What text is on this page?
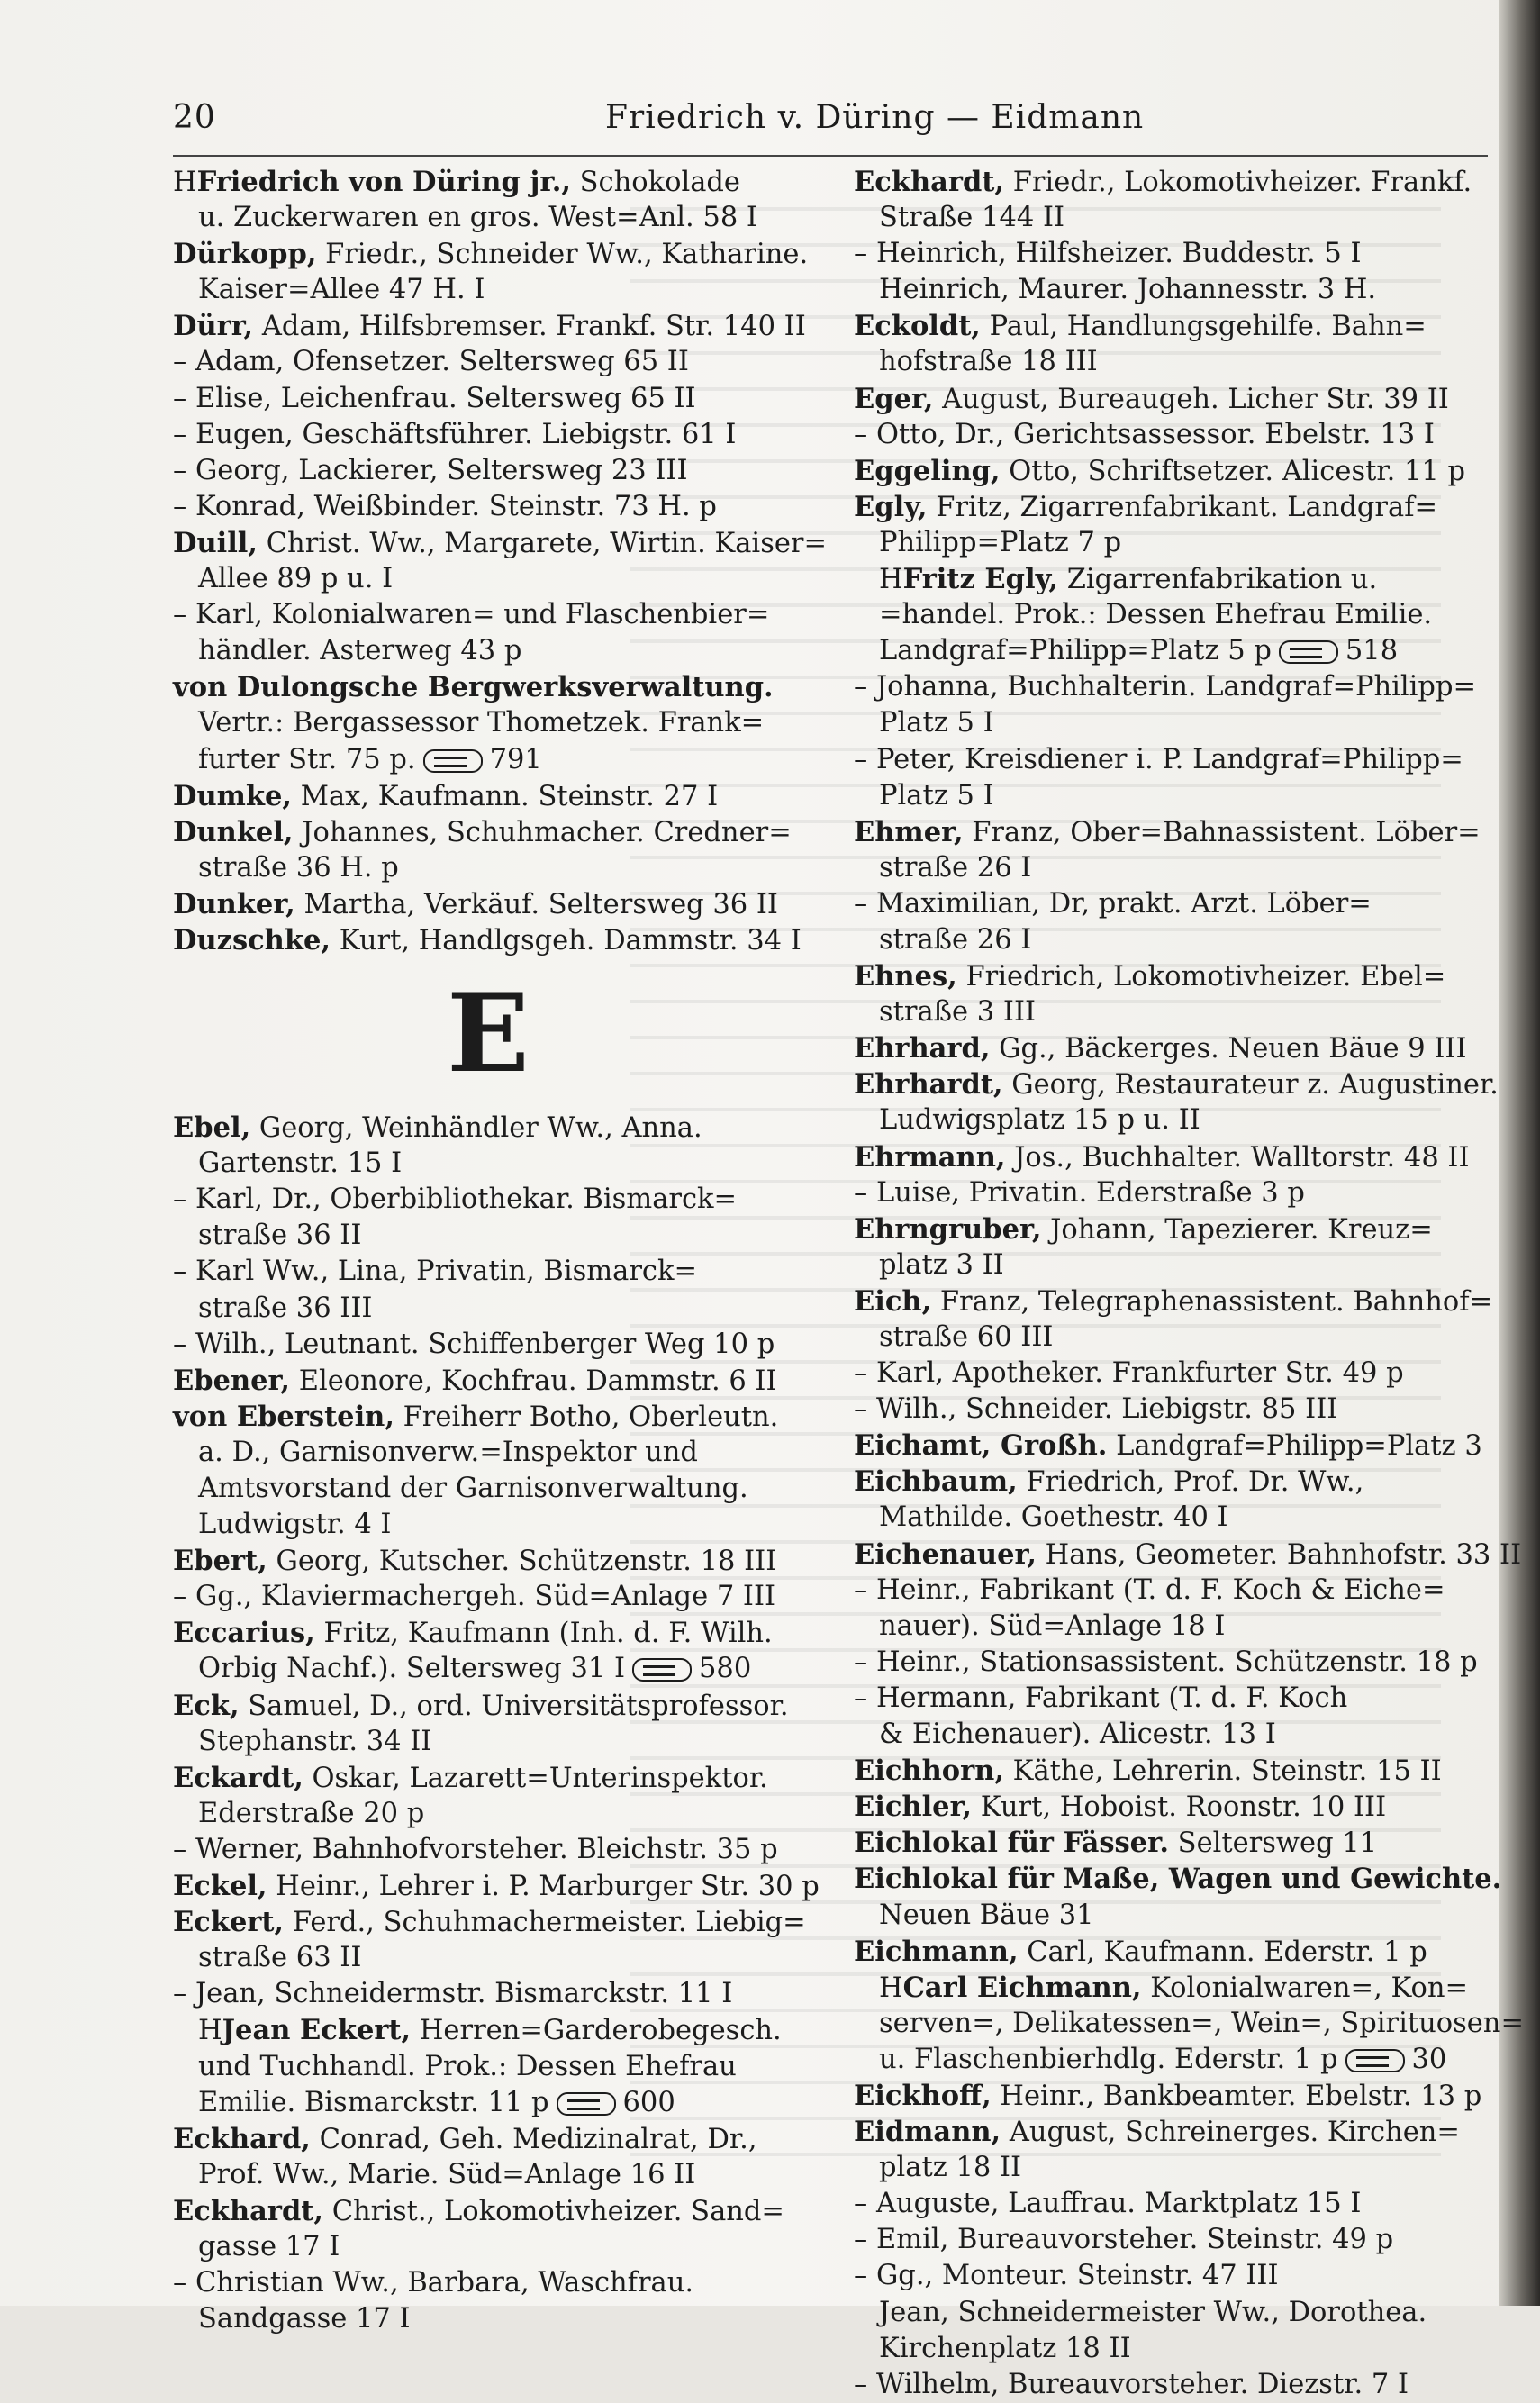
20	Friedrich v. Düring — Eidmann
HFriedrich von Düring jr., Schokolade
u. Zuckerwaren en gros. West=Anl. 58 I
Dürkopp, Friedr., Schneider Ww., Katharine.
Kaiser=Allee 47 H. I
Dürr, Adam, Hilfsbremser. Frankf. Str. 140 II
– Adam, Ofensetzer. Seltersweg 65 II
– Elise, Leichenfrau. Seltersweg 65 II
– Eugen, Geschäftsführer. Liebigstr. 61 I
– Georg, Lackierer, Seltersweg 23 III
– Konrad, Weißbinder. Steinstr. 73 H. p
Duill, Christ. Ww., Margarete, Wirtin. Kaiser=
Allee 89 p u. I
– Karl, Kolonialwaren= und Flaschenbier=
händler. Asterweg 43 p
von Dulongsche Bergwerksverwaltung.
Vertr.: Bergassessor Thometzek. Frank=
furter Str. 75 p.	791
Dumke, Max, Kaufmann. Steinstr. 27 I
Dunkel, Johannes, Schuhmacher. Credner=
straße 36 H. p
Dunker, Martha, Verkäuf. Seltersweg 36 II
Duzschke, Kurt, Handlgsgeh. Dammstr. 34 I
E
Ebel, Georg, Weinhändler Ww., Anna.
Gartenstr. 15 I
– Karl, Dr., Oberbibliothekar. Bismarck=
straße 36 II
– Karl Ww., Lina, Privatin, Bismarck=
straße 36 III
– Wilh., Leutnant. Schiffenberger Weg 10 p
Ebener, Eleonore, Kochfrau. Dammstr. 6 II
von Eberstein, Freiherr Botho, Oberleutn.
a. D., Garnisonverw.=Inspektor und
Amtsvorstand der Garnisonverwaltung.
Ludwigstr. 4 I
Ebert, Georg, Kutscher. Schützenstr. 18 III
– Gg., Klaviermachergeh. Süd=Anlage 7 III
Eccarius, Fritz, Kaufmann (Inh. d. F. Wilh.
Orbig Nachf.). Seltersweg 31 I	580
Eck, Samuel, D., ord. Universitätsprofessor.
Stephanstr. 34 II
Eckardt, Oskar, Lazarett=Unterinspektor.
Ederstraße 20 p
– Werner, Bahnhofvorsteher. Bleichstr. 35 p
Eckel, Heinr., Lehrer i. P. Marburger Str. 30 p
Eckert, Ferd., Schuhmachermeister. Liebig=
straße 63 II
– Jean, Schneidermstr. Bismarckstr. 11 I
HJean Eckert, Herren=Garderobegesch.
und Tuchhandl. Prok.: Dessen Ehefrau
Emilie. Bismarckstr. 11 p	600
Eckhard, Conrad, Geh. Medizinalrat, Dr.,
Prof. Ww., Marie. Süd=Anlage 16 II
Eckhardt, Christ., Lokomotivheizer. Sand=
gasse 17 I
– Christian Ww., Barbara, Waschfrau.
Sandgasse 17 I
Eckhardt, Friedr., Lokomotivheizer. Frankf.
Straße 144 II
– Heinrich, Hilfsheizer. Buddestr. 5 I
Heinrich, Maurer. Johannesstr. 3 H.
Eckoldt, Paul, Handlungsgehilfe. Bahn=
hofstraße 18 III
Eger, August, Bureaugeh. Licher Str. 39 II
– Otto, Dr., Gerichtsassessor. Ebelstr. 13 I
Eggeling, Otto, Schriftsetzer. Alicestr. 11 p
Egly, Fritz, Zigarrenfabrikant. Landgraf=
Philipp=Platz 7 p
HFritz Egly, Zigarrenfabrikation u.
=handel. Prok.: Dessen Ehefrau Emilie.
Landgraf=Philipp=Platz 5 p	518
– Johanna, Buchhalterin. Landgraf=Philipp=
Platz 5 I
– Peter, Kreisdiener i. P. Landgraf=Philipp=
Platz 5 I
Ehmer, Franz, Ober=Bahnassistent. Löber=
straße 26 I
– Maximilian, Dr, prakt. Arzt. Löber=
straße 26 I
Ehnes, Friedrich, Lokomotivheizer. Ebel=
straße 3 III
Ehrhard, Gg., Bäckerges. Neuen Bäue 9 III
Ehrhardt, Georg, Restaurateur z. Augustiner.
Ludwigsplatz 15 p u. II
Ehrmann, Jos., Buchhalter. Walltorstr. 48 II
– Luise, Privatin. Ederstraße 3 p
Ehrngruber, Johann, Tapezierer. Kreuz=
platz 3 II
Eich, Franz, Telegraphenassistent. Bahnhof=
straße 60 III
– Karl, Apotheker. Frankfurter Str. 49 p
– Wilh., Schneider. Liebigstr. 85 III
Eichamt, Großh. Landgraf=Philipp=Platz 3
Eichbaum, Friedrich, Prof. Dr. Ww.,
Mathilde. Goethestr. 40 I
Eichenauer, Hans, Geometer. Bahnhofstr. 33 II
– Heinr., Fabrikant (T. d. F. Koch & Eiche=
nauer). Süd=Anlage 18 I
– Heinr., Stationsassistent. Schützenstr. 18 p
– Hermann, Fabrikant (T. d. F. Koch
& Eichenauer). Alicestr. 13 I
Eichhorn, Käthe, Lehrerin. Steinstr. 15 II
Eichler, Kurt, Hoboist. Roonstr. 10 III
Eichlokal für Fässer. Seltersweg 11
Eichlokal für Maße, Wagen und Gewichte.
Neuen Bäue 31
Eichmann, Carl, Kaufmann. Ederstr. 1 p
HCarl Eichmann, Kolonialwaren=, Kon=
serven=, Delikatessen=, Wein=, Spirituosen=
u. Flaschenbierhdlg. Ederstr. 1 p	30
Eickhoff, Heinr., Bankbeamter. Ebelstr. 13 p
Eidmann, August, Schreinerges. Kirchen=
platz 18 II
– Auguste, Lauffrau. Marktplatz 15 I
– Emil, Bureauvorsteher. Steinstr. 49 p
– Gg., Monteur. Steinstr. 47 III
Jean, Schneidermeister Ww., Dorothea.
Kirchenplatz 18 II
– Wilhelm, Bureauvorsteher. Diezstr. 7 I
